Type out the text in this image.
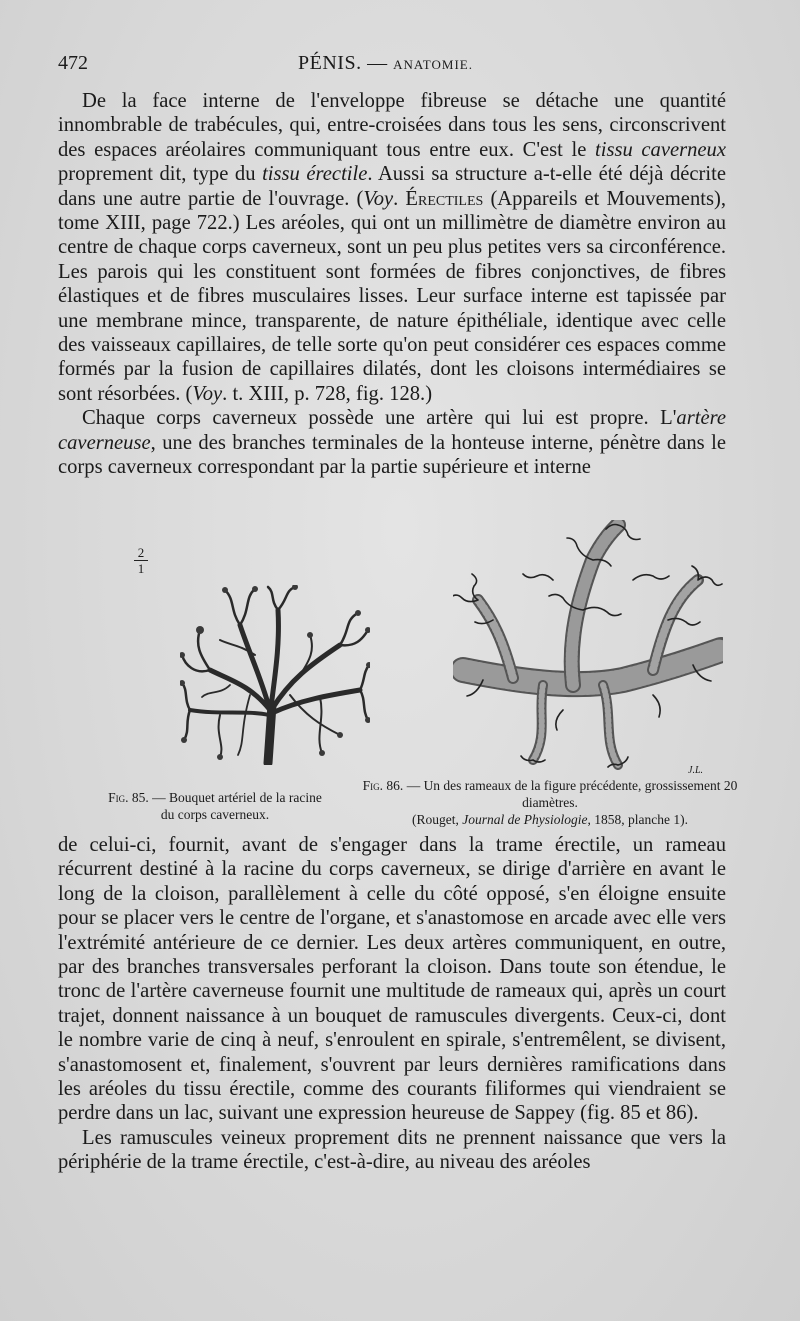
472	PÉNIS. — ANATOMIE.

De la face interne de l'enveloppe fibreuse se détache une quantité innombrable de trabécules, qui, entre-croisées dans tous les sens, circonscrivent des espaces aréolaires communiquant tous entre eux. C'est le tissu caverneux proprement dit, type du tissu érectile. Aussi sa structure a-t-elle été déjà décrite dans une autre partie de l'ouvrage. (Voy. Érectiles (Appareils et Mouvements), tome XIII, page 722.) Les aréoles, qui ont un millimètre de diamètre environ au centre de chaque corps caverneux, sont un peu plus petites vers sa circonférence. Les parois qui les constituent sont formées de fibres conjonctives, de fibres élastiques et de fibres musculaires lisses. Leur surface interne est tapissée par une membrane mince, transparente, de nature épithéliale, identique avec celle des vaisseaux capillaires, de telle sorte qu'on peut considérer ces espaces comme formés par la fusion de capillaires dilatés, dont les cloisons intermédiaires se sont résorbées. (Voy. t. XIII, p. 728, fig. 128.)

Chaque corps caverneux possède une artère qui lui est propre. L'artère caverneuse, une des branches terminales de la honteuse interne, pénètre dans le corps caverneux correspondant par la partie supérieure et interne

2
1
J.L.
Fig. 85. — Bouquet artériel de la racine du corps caverneux.
Fig. 86. — Un des rameaux de la figure précédente, grossissement 20 diamètres.
(Rouget, Journal de Physiologie, 1858, planche 1).

de celui-ci, fournit, avant de s'engager dans la trame érectile, un rameau récurrent destiné à la racine du corps caverneux, se dirige d'arrière en avant le long de la cloison, parallèlement à celle du côté opposé, s'en éloigne ensuite pour se placer vers le centre de l'organe, et s'anastomose en arcade avec elle vers l'extrémité antérieure de ce dernier. Les deux artères communiquent, en outre, par des branches transversales perforant la cloison. Dans toute son étendue, le tronc de l'artère caverneuse fournit une multitude de rameaux qui, après un court trajet, donnent naissance à un bouquet de ramuscules divergents. Ceux-ci, dont le nombre varie de cinq à neuf, s'enroulent en spirale, s'entremêlent, se divisent, s'anastomosent et, finalement, s'ouvrent par leurs dernières ramifications dans les aréoles du tissu érectile, comme des courants filiformes qui viendraient se perdre dans un lac, suivant une expression heureuse de Sappey (fig. 85 et 86).

Les ramuscules veineux proprement dits ne prennent naissance que vers la périphérie de la trame érectile, c'est-à-dire, au niveau des aréoles
